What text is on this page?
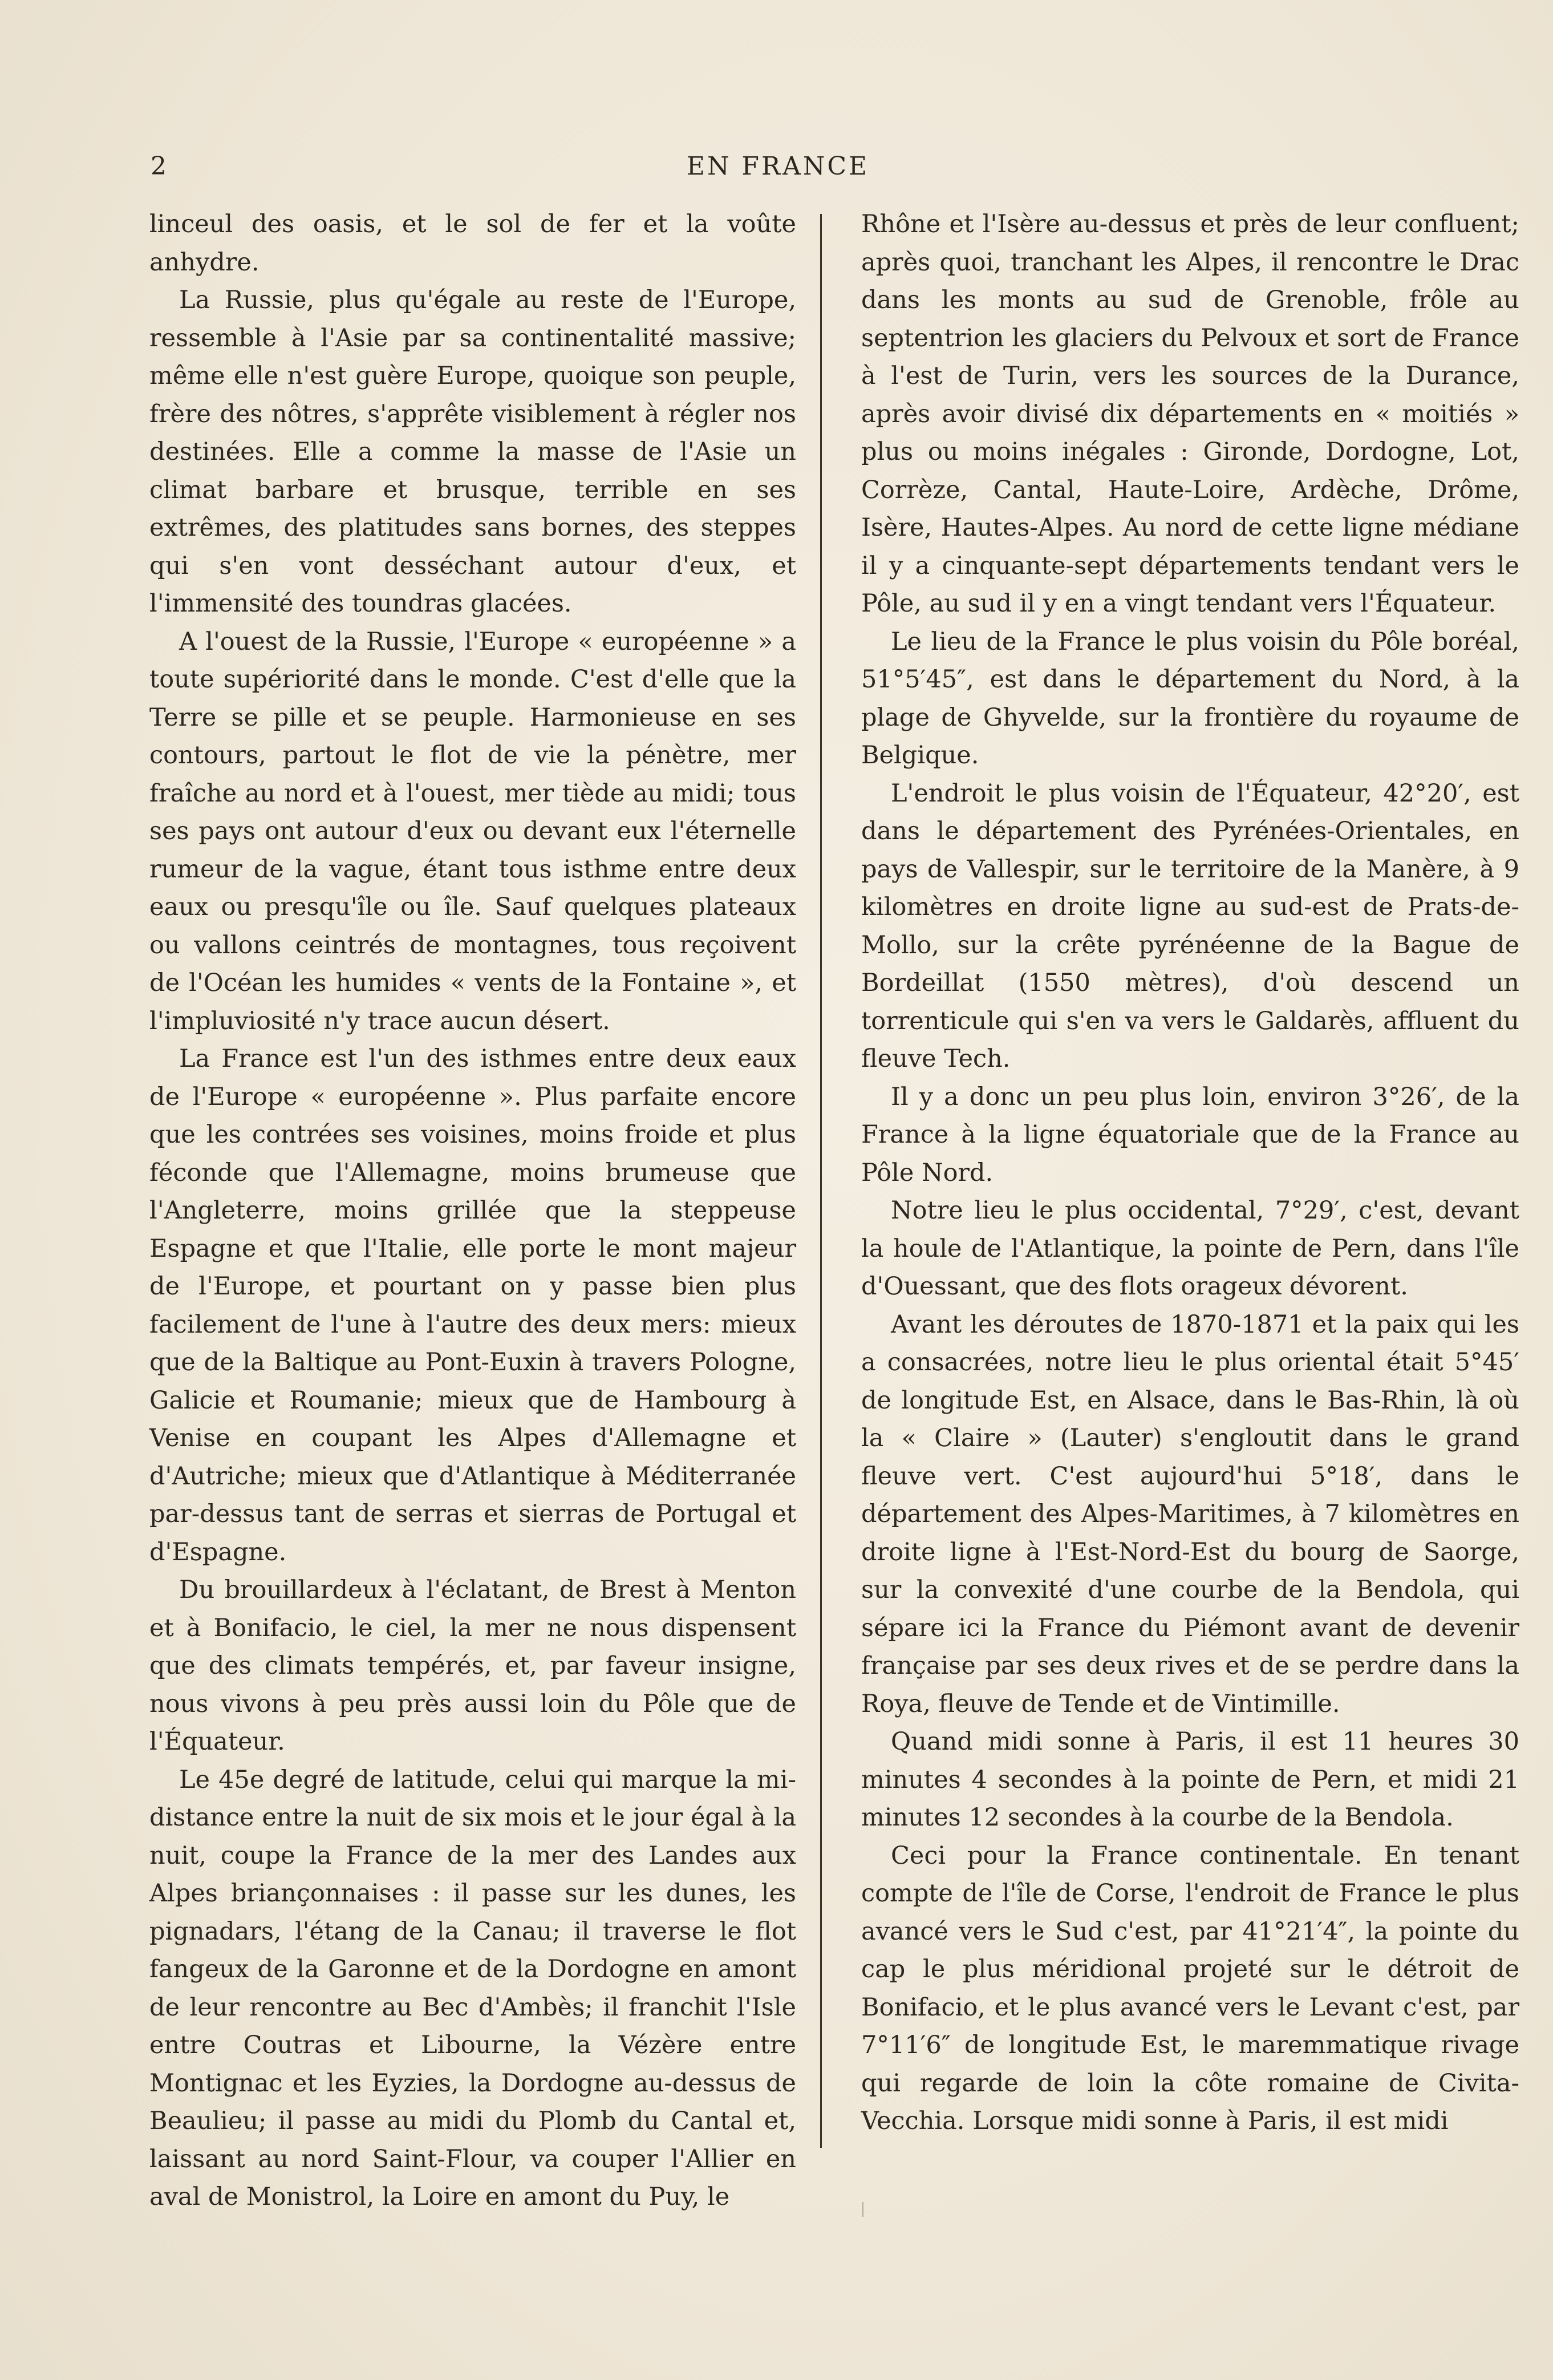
2	EN FRANCE

linceul des oasis, et le sol de fer et la voûte anhydre.

La Russie, plus qu'égale au reste de l'Europe, ressemble à l'Asie par sa continentalité massive; même elle n'est guère Europe, quoique son peuple, frère des nôtres, s'apprête visiblement à régler nos destinées. Elle a comme la masse de l'Asie un climat barbare et brusque, terrible en ses extrêmes, des platitudes sans bornes, des steppes qui s'en vont desséchant autour d'eux, et l'immensité des toundras glacées.

A l'ouest de la Russie, l'Europe « européenne » a toute supériorité dans le monde. C'est d'elle que la Terre se pille et se peuple. Harmonieuse en ses contours, partout le flot de vie la pénètre, mer fraîche au nord et à l'ouest, mer tiède au midi; tous ses pays ont autour d'eux ou devant eux l'éternelle rumeur de la vague, étant tous isthme entre deux eaux ou presqu'île ou île. Sauf quelques plateaux ou vallons ceintrés de montagnes, tous reçoivent de l'Océan les humides « vents de la Fontaine », et l'impluviosité n'y trace aucun désert.

La France est l'un des isthmes entre deux eaux de l'Europe « européenne ». Plus parfaite encore que les contrées ses voisines, moins froide et plus féconde que l'Allemagne, moins brumeuse que l'Angleterre, moins grillée que la steppeuse Espagne et que l'Italie, elle porte le mont majeur de l'Europe, et pourtant on y passe bien plus facilement de l'une à l'autre des deux mers: mieux que de la Baltique au Pont-Euxin à travers Pologne, Galicie et Roumanie; mieux que de Hambourg à Venise en coupant les Alpes d'Allemagne et d'Autriche; mieux que d'Atlantique à Méditerranée par-dessus tant de serras et sierras de Portugal et d'Espagne.

Du brouillardeux à l'éclatant, de Brest à Menton et à Bonifacio, le ciel, la mer ne nous dispensent que des climats tempérés, et, par faveur insigne, nous vivons à peu près aussi loin du Pôle que de l'Équateur.

Le 45e degré de latitude, celui qui marque la mi-distance entre la nuit de six mois et le jour égal à la nuit, coupe la France de la mer des Landes aux Alpes briançonnaises : il passe sur les dunes, les pignadars, l'étang de la Canau; il traverse le flot fangeux de la Garonne et de la Dordogne en amont de leur rencontre au Bec d'Ambès; il franchit l'Isle entre Coutras et Libourne, la Vézère entre Montignac et les Eyzies, la Dordogne au-dessus de Beaulieu; il passe au midi du Plomb du Cantal et, laissant au nord Saint-Flour, va couper l'Allier en aval de Monistrol, la Loire en amont du Puy, le

Rhône et l'Isère au-dessus et près de leur confluent; après quoi, tranchant les Alpes, il rencontre le Drac dans les monts au sud de Grenoble, frôle au septentrion les glaciers du Pelvoux et sort de France à l'est de Turin, vers les sources de la Durance, après avoir divisé dix départements en « moitiés » plus ou moins inégales : Gironde, Dordogne, Lot, Corrèze, Cantal, Haute-Loire, Ardèche, Drôme, Isère, Hautes-Alpes. Au nord de cette ligne médiane il y a cinquante-sept départements tendant vers le Pôle, au sud il y en a vingt tendant vers l'Équateur.

Le lieu de la France le plus voisin du Pôle boréal, 51°5′45″, est dans le département du Nord, à la plage de Ghyvelde, sur la frontière du royaume de Belgique.

L'endroit le plus voisin de l'Équateur, 42°20′, est dans le département des Pyrénées-Orientales, en pays de Vallespir, sur le territoire de la Manère, à 9 kilomètres en droite ligne au sud-est de Prats-de-Mollo, sur la crête pyrénéenne de la Bague de Bordeillat (1550 mètres), d'où descend un torrenticule qui s'en va vers le Galdarès, affluent du fleuve Tech.

Il y a donc un peu plus loin, environ 3°26′, de la France à la ligne équatoriale que de la France au Pôle Nord.

Notre lieu le plus occidental, 7°29′, c'est, devant la houle de l'Atlantique, la pointe de Pern, dans l'île d'Ouessant, que des flots orageux dévorent.

Avant les déroutes de 1870-1871 et la paix qui les a consacrées, notre lieu le plus oriental était 5°45′ de longitude Est, en Alsace, dans le Bas-Rhin, là où la « Claire » (Lauter) s'engloutit dans le grand fleuve vert. C'est aujourd'hui 5°18′, dans le département des Alpes-Maritimes, à 7 kilomètres en droite ligne à l'Est-Nord-Est du bourg de Saorge, sur la convexité d'une courbe de la Bendola, qui sépare ici la France du Piémont avant de devenir française par ses deux rives et de se perdre dans la Roya, fleuve de Tende et de Vintimille.

Quand midi sonne à Paris, il est 11 heures 30 minutes 4 secondes à la pointe de Pern, et midi 21 minutes 12 secondes à la courbe de la Bendola.

Ceci pour la France continentale. En tenant compte de l'île de Corse, l'endroit de France le plus avancé vers le Sud c'est, par 41°21′4″, la pointe du cap le plus méridional projeté sur le détroit de Bonifacio, et le plus avancé vers le Levant c'est, par 7°11′6″ de longitude Est, le maremmatique rivage qui regarde de loin la côte romaine de Civita-Vecchia. Lorsque midi sonne à Paris, il est midi
